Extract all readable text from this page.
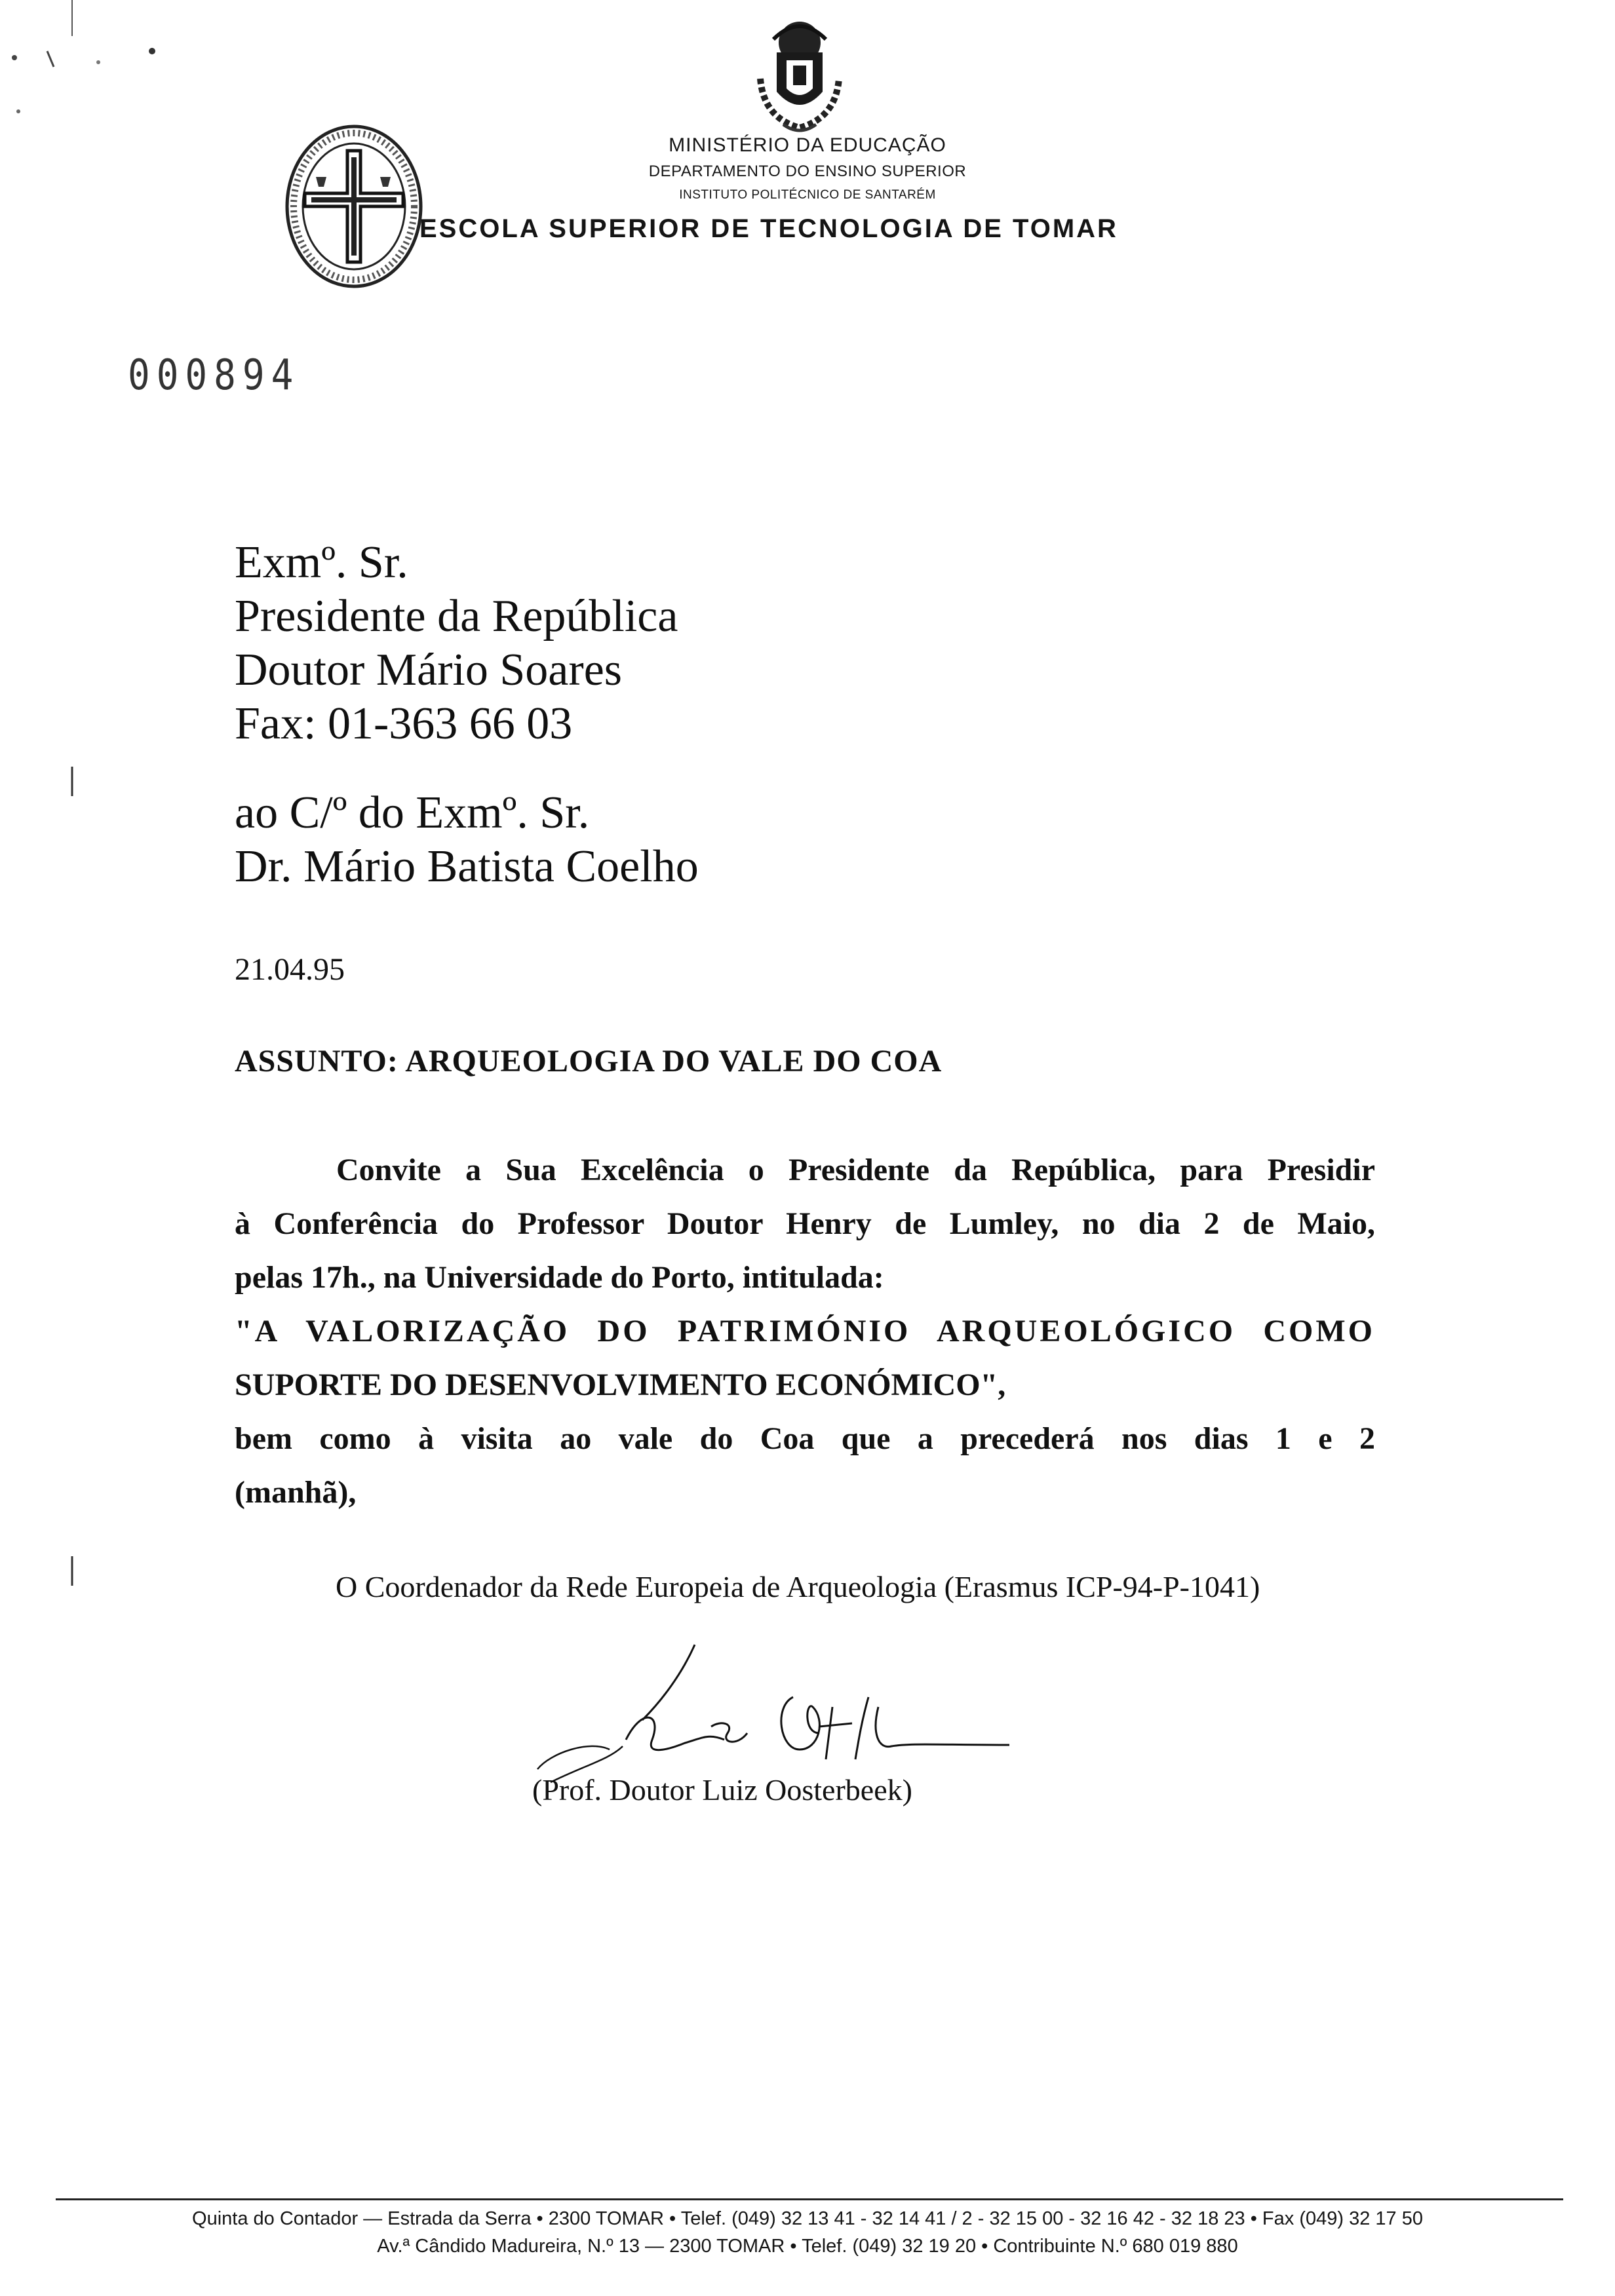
MINISTÉRIO DA EDUCAÇÃO
DEPARTAMENTO DO ENSINO SUPERIOR
INSTITUTO POLITÉCNICO DE SANTARÉM
ESCOLA SUPERIOR DE TECNOLOGIA DE TOMAR
000894
Exmº. Sr.
Presidente da República
Doutor Mário Soares
Fax: 01-363 66 03
ao C/º do Exmº. Sr.
Dr. Mário Batista Coelho
21.04.95
ASSUNTO: ARQUEOLOGIA DO VALE DO COA
Convite a Sua Excelência o Presidente da República, para Presidir
à Conferência do Professor Doutor Henry de Lumley, no dia 2 de Maio,
pelas 17h., na Universidade do Porto, intitulada:
"A VALORIZAÇÃO DO PATRIMÓNIO ARQUEOLÓGICO COMO
SUPORTE DO DESENVOLVIMENTO ECONÓMICO",
bem como à visita ao vale do Coa que a precederá nos dias 1 e 2
(manhã),
O Coordenador da Rede Europeia de Arqueologia (Erasmus ICP-94-P-1041)
(Prof. Doutor Luiz Oosterbeek)
Quinta do Contador — Estrada da Serra • 2300 TOMAR • Telef. (049) 32 13 41 - 32 14 41 / 2 - 32 15 00 - 32 16 42 - 32 18 23 • Fax (049) 32 17 50
Av.ª Cândido Madureira, N.º 13 — 2300 TOMAR • Telef. (049) 32 19 20 • Contribuinte N.º 680 019 880
